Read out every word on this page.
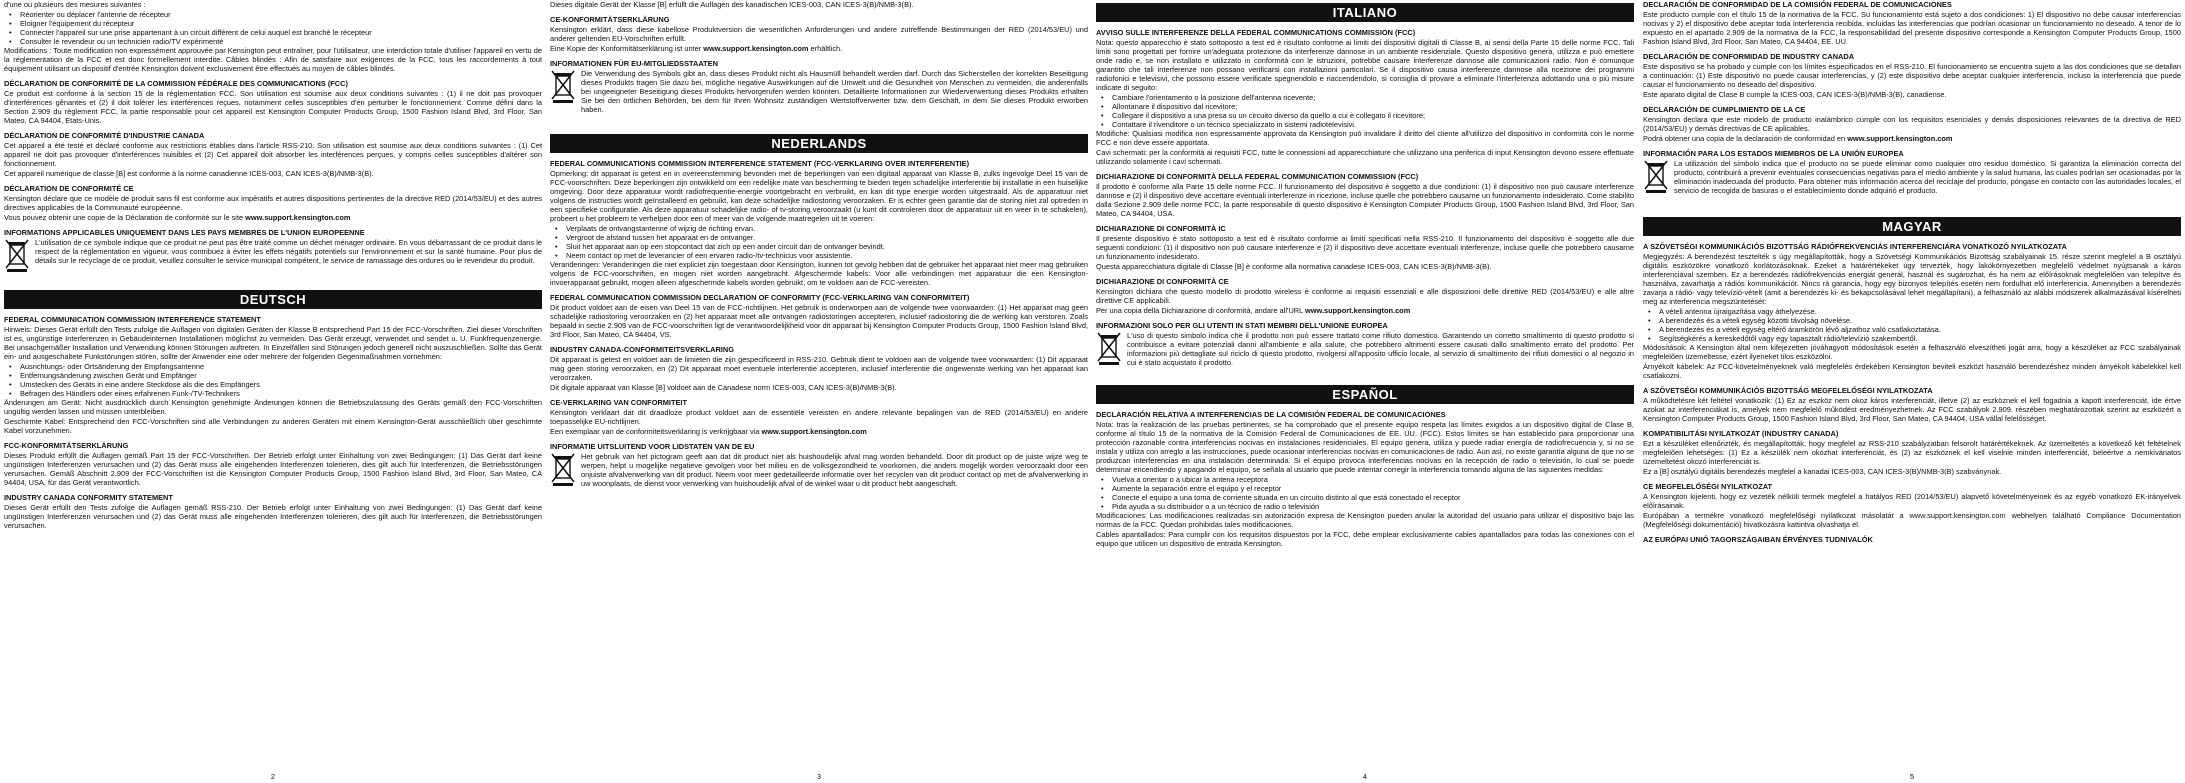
d'une ou plusieurs des mesures suivantes :
• Réorienter ou déplacer l'antenne de récepteur
• Eloigner l'équipement du récepteur
• Connecter l'appareil sur une prise appartenant à un circuit différent de celui auquel est branché le récepteur
• Consulter le revendeur ou un technicien radio/TV expérimenté
Modifications : Toute modification non expressément approuvée par Kensington peut entraîner, pour l'utilisateur, une interdiction totale d'utiliser l'appareil en vertu de la réglementation de la FCC et est donc formellement interdite. Câbles blindés : Afin de satisfaire aux exigences de la FCC, tous les raccordements à tout équipement utilisant un dispositif d'entrée Kensington doivent exclusivement être effectués au moyen de câbles blindés.
DÉCLARATION DE CONFORMITÉ DE LA COMMISSION FÉDÉRALE DES COMMUNICATIONS (FCC)
Ce produit est conforme à la section 15 de la réglementation FCC. Son utilisation est soumise aux deux conditions suivantes : (1) il ne doit pas provoquer d'interférences gênantes et (2) il doit tolérer les interférences reçues, notamment celles susceptibles d'en perturber le fonctionnement. Comme défini dans la Section 2.909 du règlement FCC, la partie responsable pour cet appareil est Kensington Computer Products Group, 1500 Fashion Island Blvd, 3rd Floor, San Mateo, CA 94404, Etats-Unis.
DÉCLARATION DE CONFORMITÉ D'INDUSTRIE CANADA
Cet appareil a été testé et déclaré conforme aux restrictions établies dans l'article RSS-210. Son utilisation est soumise aux deux conditions suivantes : (1) Cet appareil ne doit pas provoquer d'interférences nuisibles et (2) Cet appareil doit absorber les interférences perçues, y compris celles susceptibles d'altérer son fonctionnement.
Cet appareil numérique de classe [B] est conforme à la norme canadienne ICES-003, CAN ICES-3(B)/NMB-3(B).
DÉCLARATION DE CONFORMITÉ CE
Kensington déclare que ce modèle de produit sans fil est conforme aux impératifs et autres dispositions pertinentes de la directive RED (2014/53/EU) et des autres directives applicables de la Communauté européenne.
Vous pouvez obtenir une copie de la Déclaration de conformité sur le site www.support.kensington.com
INFORMATIONS APPLICABLES UNIQUEMENT DANS LES PAYS MEMBRES DE L'UNION EUROPEENNE
L'utilisation de ce symbole indique que ce produit ne peut pas être traité comme un déchet ménager ordinaire. En vous débarrassant de ce produit dans le respect de la réglementation en vigueur, vous contribuez à éviter les effets négatifs potentiels sur l'environnement et sur la santé humaine. Pour plus de détails sur le recyclage de ce produit, veuillez consulter le service municipal compétent, le service de ramassage des ordures ou le revendeur du produit.
DEUTSCH
FEDERAL COMMUNICATION COMMISSION INTERFERENCE STATEMENT
Hinweis: Dieses Gerät erfüllt den Tests zufolge die Auflagen von digitalen Geräten der Klasse B entsprechend Part 15 der FCC-Vorschriften. Ziel dieser Vorschriften ist es, ungünstige Interferenzen in Gebäudeinternen Installationen möglichst zu vermeiden. Das Gerät erzeugt, verwendet und sendet u. U. Funkfrequenzenergie. Bei unsachgemäßer Installation und Verwendung können Störungen auftreten. In Einzelfällen sind Störungen jedoch generell nicht auszuschließen. Sollte das Gerät ein- und ausgeschaltete Funkstörungen stören, sollte der Anwender eine oder mehrere der folgenden Gegenmaßnahmen vornehmen:
• Ausrichtungs- oder Ortsänderung der Empfangsantenne
• Entfernungsänderung zwischen Gerät und Empfänger
• Umstecken des Geräts in eine andere Steckdose als die des Empfängers
• Befragen des Händlers oder eines erfahrenen Funk-/TV-Technikers
Änderungen am Gerät: Nicht ausdrücklich durch Kensington genehmigte Änderungen können die Betriebszulassung des Geräts gemäß den FCC-Vorschriften ungültig werden lassen und müssen unterbleiben.
Geschirmte Kabel: Entsprechend den FCC-Vorschriften sind alle Verbindungen zu anderen Geräten mit einem Kensington-Gerät ausschließlich über geschirmte Kabel vorzunehmen.
FCC-KONFORMITÄTSERKLÄRUNG
Dieses Produkt erfüllt die Auflagen gemäß Part 15 der FCC-Vorschriften. Der Betrieb erfolgt unter Einhaltung von zwei Bedingungen: (1) Das Gerät darf keine ungünstigen Interferenzen verursachen und (2) das Gerät muss alle eingehenden Interferenzen tolerieren, dies gilt auch für Interferenzen, die Betriebsstörungen verursachen. Gemäß Abschnitt 2.909 der FCC-Vorschriften ist die Kensington Computer Products Group, 1500 Fashion Island Blvd, 3rd Floor, San Mateo, CA 94404, USA, für das Gerät verantwortlich.
INDUSTRY CANADA CONFORMITY STATEMENT
Dieses Gerät erfüllt den Tests zufolge die Auflagen gemäß RSS-210. Der Betrieb erfolgt unter Einhaltung von zwei Bedingungen: (1) Das Gerät darf keine ungünstigen Interferenzen verursachen und (2) das Gerät muss alle eingehenden Interferenzen tolerieren, dies gilt auch für Interferenzen, die Betriebsstörungen verursachen.
2
Dieses digitale Gerät der Klasse [B] erfüllt die Auflagen des kanadischen ICES-003, CAN ICES-3(B)/NMB-3(B).
CE-KONFORMITÄTSERKLÄRUNG
Kensington erklärt, dass diese kabellose Produktversion die wesentlichen Anforderungen und andere zutreffende Bestimmungen der RED (2014/53/EU) und anderer geltenden EU-Vorschriften erfüllt.
Eine Kopie der Konformitätserklärung ist unter www.support.kensington.com erhältlich.
INFORMATIONEN FÜR EU-MITGLIEDSSTAATEN
Die Verwendung des Symbols gibt an, dass dieses Produkt nicht als Hausmüll behandelt werden darf. Durch das Sicherstellen der korrekten Beseitigung dieses Produkts tragen Sie dazu bei, mögliche negative Auswirkungen auf die Umwelt und die Gesundheit von Menschen zu vermeiden, die anderenfalls bei ungeeigneter Beseitigung dieses Produkts hervorgerufen werden könnten. Detaillierte Informationen zur Wiederverwertung dieses Produkts erhalten Sie bei den örtlichen Behörden, bei dem für Ihren Wohnsitz zuständigen Wertstoffverwerter bzw. dem Geschäft, in dem Sie dieses Produkt erworben haben.
NEDERLANDS
FEDERAL COMMUNICATIONS COMMISSION INTERFERENCE STATEMENT (FCC-VERKLARING OVER INTERFERENTIE)
Opmerking: dit apparaat is getest en in overeenstemming bevonden met de beperkingen van een digitaal apparaat van Klasse B, zulks ingevolge Deel 15 van de FCC-voorschriften. Deze beperkingen zijn ontwikkeld om een redelijke mate van bescherming te bieden tegen schadelijke interferentie bij installatie in een huiselijke omgeving. Door deze apparatuur wordt radiofrequentie-energie voortgebracht en verbruikt, en kan dit type energie worden uitgestraald. Als de apparatuur niet volgens de instructies wordt geïnstalleerd en gebruikt, kan deze schadelijke radiostoring veroorzaken. Er is echter geen garantie dat de storing niet zal optreden in een specifieke configuratie. Als deze apparatuur schadelijke radio- of tv-storing veroorzaakt (u kunt dit controleren door de apparatuur uit en weer in te schakelen), probeert u het probleem te verhelpen door een of meer van de volgende maatregelen uit te voeren:
• Verplaats de ontvangstantenne of wijzig de richting ervan.
• Vergroot de afstand tussen het apparaat en de ontvanger.
• Sluit het apparaat aan op een stopcontact dat zich op een ander circuit dan de ontvanger bevindt.
• Neem contact op met de leverancier of een ervaren radio-/tv-technicus voor assistentie.
Veranderingen: Veranderingen die niet expliciet zijn toegestaan door Kensington, kunnen tot gevolg hebben dat de gebruiker het apparaat niet meer mag gebruiken volgens de FCC-voorschriften, en mogen niet worden aangebracht. Afgeschermde kabels: Voor alle verbindingen met apparatuur die een Kensington-invoerapparaat gebruikt, mogen alleen afgeschermde kabels worden gebruikt, om te voldoen aan de FCC-vereisten.
FEDERAL COMMUNICATION COMMISSION DECLARATION OF CONFORMITY (FCC-VERKLARING VAN CONFORMITEIT)
Dit product voldoet aan de eisen van Deel 15 van de FCC-richtlijnen. Het gebruik is onderworpen aan de volgende twee voorwaarden: (1) Het apparaat mag geen schadelijke radiostoring veroorzaken en (2) het apparaat moet alle ontvangen radiostoringen accepteren, inclusief radiostoring die de werking kan verstoren. Zoals bepaald in sectie 2.909 van de FCC-voorschriften ligt de verantwoordelijkheid voor dit apparaat bij Kensington Computer Products Group, 1500 Fashion Island Blvd, 3rd Floor, San Mateo, CA 94404, VS.
INDUSTRY CANADA-CONFORMITEITSVERKLARING
Dit apparaat is getest en voldoet aan de limieten die zijn gespecificeerd in RSS-210. Gebruik dient te voldoen aan de volgende twee voorwaarden: (1) Dit apparaat mag geen storing veroorzaken, en (2) Dit apparaat moet eventuele interferentie accepteren, inclusief interferentie die ongewenste werking van het apparaat kan veroorzaken.
Dit digitale apparaat van Klasse [B] voldoet aan de Canadese norm ICES-003, CAN ICES-3(B)/NMB-3(B).
CE-VERKLARING VAN CONFORMITEIT
Kensington verklaart dat dit draadloze product voldoet aan de essentiële vereisten en andere relevante bepalingen van de RED (2014/53/EU) en andere toepasselijke EU-richtlijnen.
Een exemplaar van de conformiteitsverklaring is verkrijgbaar via www.support.kensington.com
INFORMATIE UITSLUITEND VOOR LIDSTATEN VAN DE EU
Het gebruik van het pictogram geeft aan dat dit product niet als huishoudelijk afval mag worden behandeld. Door dit product op de juiste wijze weg te werpen, helpt u mogelijke negatieve gevolgen voor het milieu en de volksgezondheid te voorkomen, die anders mogelijk worden veroorzaakt door een onjuiste afvalverwerking van dit product. Neem voor meer gedetailleerde informatie over het recyclen van dit product contact op met de afvalverwerking in uw woonplaats, de dienst voor verwerking van huishoudelijk afval of de winkel waar u dit product hebt aangeschaft.
3
ITALIANO
AVVISO SULLE INTERFERENZE DELLA FEDERAL COMMUNICATIONS COMMISSION (FCC)
Nota: questo apparecchio è stato sottoposto a test ed è risultato conforme ai limiti dei dispositivi digitali di Classe B, ai sensi della Parte 15 delle norme FCC. Tali limiti sono progettati per fornire un'adeguata protezione da interferenze dannose in un ambiente residenziale. Questo dispositivo genera, utilizza e può emettere onde radio e, se non installato e utilizzato in conformità con le istruzioni, potrebbe causare interferenze dannose alle comunicazioni radio. Non è comunque garantito che tali interferenze non possano verificarsi con installazioni particolari. Se il dispositivo causa interferenze dannose alla ricezione dei programmi radiofonici e televisivi, che possono essere verificate spegnendolo e riaccendendolo, si consiglia di provare a eliminare l'interferenza adottando una o più misure indicate di seguito:
• Cambiare l'orientamento o la posizione dell'antenna ricevente;
• Allontanare il dispositivo dal ricevitore;
• Collegare il dispositivo a una presa su un circuito diverso da quello a cui è collegato il ricevitore;
• Contattare il rivenditore o un tecnico specializzato in sistemi radiotelevisivi.
Modifiche: Qualsiasi modifica non espressamente approvata da Kensington può invalidare il diritto del cliente all'utilizzo del dispositivo in conformità con le norme FCC e non deve essere apportata.
Cavi schermati: per la conformità ai requisiti FCC, tutte le connessioni ad apparecchiature che utilizzano una periferica di input Kensington devono essere effettuate utilizzando solamente i cavi schermati.
DICHIARAZIONE DI CONFORMITÀ DELLA FEDERAL COMMUNICATION COMMISSION (FCC)
Il prodotto è conforme alla Parte 15 delle norme FCC. Il funzionamento del dispositivo è soggetto a due condizioni: (1) il dispositivo non può causare interferenze dannose e (2) il dispositivo deve accettare eventuali interferenze in ricezione, incluse quelle che potrebbero causarne un funzionamento indesiderato. Come stabilito dalla Sezione 2.909 delle norme FCC, la parte responsabile di questo dispositivo è Kensington Computer Products Group, 1500 Fashion Island Blvd, 3rd Floor, San Mateo, CA 94404, USA.
DICHIARAZIONE DI CONFORMITÀ IC
Il presente dispositivo è stato sottoposto a test ed è risultato conforme ai limiti specificati nella RSS-210. Il funzionamento del dispositivo è soggetto alle due seguenti condizioni: (1) il dispositivo non può causare interferenze e (2) il dispositivo deve accettare eventuali interferenze, incluse quelle che potrebbero causarne un funzionamento indesiderato.
Questa apparecchiatura digitale di Classe [B] è conforme alla normativa canadese ICES-003, CAN ICES-3(B)/NMB-3(B).
DICHIARAZIONE DI CONFORMITÀ CE
Kensington dichiara che questo modello di prodotto wireless è conforme ai requisiti essenziali e alle disposizioni delle direttive RED (2014/53/EU) e alle altre direttive CE applicabili.
Per una copia della Dichiarazione di conformità, andare all'URL www.support.kensington.com
INFORMAZIONI SOLO PER GLI UTENTI IN STATI MEMBRI DELL'UNIONE EUROPEA
L'uso di questo simbolo indica che il prodotto non può essere trattato come rifiuto domestico. Garantendo un corretto smaltimento di questo prodotto si contribuisce a evitare potenziali danni all'ambiente e alla salute, che potrebbero altrimenti essere causati dallo smaltimento errato del prodotto. Per informazioni più dettagliate sul riciclo di questo prodotto, rivolgersi all'apposito ufficio locale, al servizio di smaltimento dei rifiuti domestici o al negozio in cui è stato acquistato il prodotto.
ESPAÑOL
DECLARACIÓN RELATIVA A INTERFERENCIAS DE LA COMISIÓN FEDERAL DE COMUNICACIONES
Nota: tras la realización de las pruebas pertinentes, se ha comprobado que el presente equipo respeta las límites exigidos a un dispositivo digital de Clase B, conforme al título 15 de la normativa de la Comisión Federal de Comunicaciones de EE. UU. (FCC). Estos límites se han establecido para proporcionar una protección razonable contra interferencias nocivas en instalaciones residenciales. El equipo genera, utiliza y puede radiar energía de radiofrecuencia y, si no se instala y utiliza con arreglo a las instrucciones, puede ocasionar interferencias nocivas en comunicaciones de radio. Aun así, no existe garantía alguna de que no se produzcan interferencias en una instalación determinada. Si el equipo provoca interferencias nocivas en la recepción de radio o televisión, lo cual se puede determinar encendiendo y apagando el equipo, se señala al usuario que puede intentar corregir la interferencia tomando alguna de las siguientes medidas:
• Vuelva a orientar o a ubicar la antena receptora
• Aumente la separación entre el equipo y el receptor
• Conecte el equipo a una toma de corriente situada en un circuito distinto al que está conectado el receptor
• Pida ayuda a su distribuidor o a un técnico de radio o televisión
Modificaciones: Las modificaciones realizadas sin autorización expresa de Kensington pueden anular la autoridad del usuario para utilizar el dispositivo bajo las normas de la FCC. Quedan prohibidas tales modificaciones.
Cables apantallados: Para cumplir con los requisitos dispuestos por la FCC, debe emplear exclusivamente cables apantallados para todas las conexiones con el equipo que utilicen un dispositivo de entrada Kensington.
4
DECLARACIÓN DE CONFORMIDAD DE LA COMISIÓN FEDERAL DE COMUNICACIONES
Este producto cumple con el título 15 de la normativa de la FCC. Su funcionamiento está sujeto a dos condiciones: 1) El dispositivo no debe causar interferencias nocivas y 2) el dispositivo debe aceptar toda interferencia recibida, incluidas las interferencias que podrían ocasionar un funcionamiento no deseado. A tenor de lo expuesto en el apartado 2.909 de la normativa de la FCC, la responsabilidad del presente dispositivo corresponde a Kensington Computer Products Group, 1500 Fashion Island Blvd, 3rd Floor, San Mateo, CA 94404, EE. UU.
DECLARACIÓN DE CONFORMIDAD DE INDUSTRY CANADA
Este dispositivo se ha probado y cumple con los límites especificados en el RSS-210. El funcionamiento se encuentra sujeto a las dos condiciones que se detallan a continuación: (1) Este dispositivo no puede causar interferencias, y (2) este dispositivo debe aceptar cualquier interferencia, incluso la interferencia que puede causar el funcionamiento no deseado del dispositivo.
Este aparato digital de Clase B cumple la ICES-003, CAN ICES-3(B)/NMB-3(B), canadiense.
DECLARACIÓN DE CUMPLIMIENTO DE LA CE
Kensington declara que este modelo de producto inalámbrico cumple con los requisitos esenciales y demás disposiciones relevantes de la directiva de RED (2014/53/EU) y demás directivas de CE aplicables.
Podrá obtener una copia de la declaración de conformidad en www.support.kensington.com
INFORMACIÓN PARA LOS ESTADOS MIEMBROS DE LA UNIÓN EUROPEA
La utilización del símbolo indica que el producto no se puede eliminar como cualquier otro residuo doméstico. Si garantiza la eliminación correcta del producto, contribuirá a prevenir eventuales consecuencias negativas para el medio ambiente y la salud humana, las cuales podrían ser ocasionadas por la eliminación inadecuada del producto. Para obtener más información acerca del reciclaje del producto, póngase en contacto con las autoridades locales, el servicio de recogida de basuras o el establecimiento donde adquirió el producto.
MAGYAR
A SZÖVETSÉGI KOMMUNIKÁCIÓS BIZOTTSÁG RÁDIÓFREKVENCIÁS INTERFERENCIÁRA VONATKOZÓ NYILATKOZATA
Megjegyzés: A berendezést tesztelték s úgy megállapították, hogy a Szövetségi Kommunikációs Bizottság szabályainak 15. része szerint megfelel a B osztályú digitális eszközökre vonatkozó korlátozásoknak. Ezeket a határértékeket úgy tervezték, hogy lakókörnyezetben megfelelő védelmet nyújtsanak a káros interferenciával szemben. Ez a berendezés rádiófrekvenciás energiát generál, használ és sugározhat, és ha nem az előírásoknak megfelelően van telepítve és használva, zavarhatja a rádiós kommunikációt. Nincs rá garancia, hogy egy bizonyos telepítés esetén nem fordulhat elő interferencia. Amennyiben a berendezés zavarja a rádió- vagy televízió-vételt (amit a berendezés ki- és bekapcsolásával lehet megállapítani), a felhasználó az alábbi módszerek alkalmazásával kísérelheti meg az interferencia megszüntetését:
• A vételi antenna újraigazítása vagy áthelyezése.
• A berendezés és a vételi egység közötti távolság növelése.
• A berendezés és a vételi egység eltérő áramkörön lévő aljzathoz való csatlakoztatása.
• Segítségkérés a kereskedőtől vagy egy tapasztalt rádió/televízió szakembertől.
Módosítások: A Kensington által nem kifejezetten jóváhagyott módosítások esetén a felhasználó elveszítheti jogát arra, hogy a készüléket az FCC szabályainak megfelelően üzemeltesse, ezért ilyeneket tilos eszközölni.
Árnyékolt kábelek: Az FCC-követelményeknek való megfelelés érdekében Kensington beviteli eszközt használó berendezéshez minden árnyékolt kábelekkel kell csatlakozni.
A SZÖVETSÉGI KOMMUNIKÁCIÓS BIZOTTSÁG MEGFELELŐSÉGI NYILATKOZATA
A működtetésre két feltétel vonatkozik: (1) Ez az eszköz nem okoz káros interferenciát, illetve (2) az eszköznek el kell fogadnia a kapott interferenciát, ide értve azokat az interferenciákat is, amelyek nem megfelelő működést eredményezhetnek. Az FCC szabályok 2.909. részében meghatározottak szerint az eszközért a Kensington Computer Products Group, 1500 Fashion Island Blvd, 3rd Floor, San Mateo, CA 94404, USA vállal felelősséget.
KOMPATIBILITÁSI NYILATKOZAT (INDUSTRY CANADA)
Ezt a készüléket ellenőrizték, és megállapították, hogy megfelel az RSS-210 szabályzatban felsorolt határértékeknek. Az üzemeltetés a következő két feltételnek megfelelően lehetséges: (1) Ez a készülék nem okozhat interferenciát, és (2) az eszköznek el kell viselnie minden interferenciát, beleértve a nemkívánatos üzemeltetést okozó interferenciát is.
Ez a [B] osztályú digitális berendezés megfelel a kanadai ICES-003, CAN ICES-3(B)/NMB-3(B) szabványnak.
CE MEGFELELŐSÉGI NYILATKOZAT
A Kensington kijelenti, hogy ez vezeték nélküli termék megfelel a hatályos RED (2014/53/EU) alapvető követelményeinek és az egyéb vonatkozó EK-irányelvek előírásainak.
Európában a termékre vonatkozó megfelelőségi nyilatkozat másolatát a www.support.kensington.com webhelyen található Compliance Documentation (Megfelelőségi dokumentáció) hivatkozásra kattintva olvashatja el.
AZ EURÓPAI UNIÓ TAGORSZÁGAIBAN ÉRVÉNYES TUDNIVALÓK
5
